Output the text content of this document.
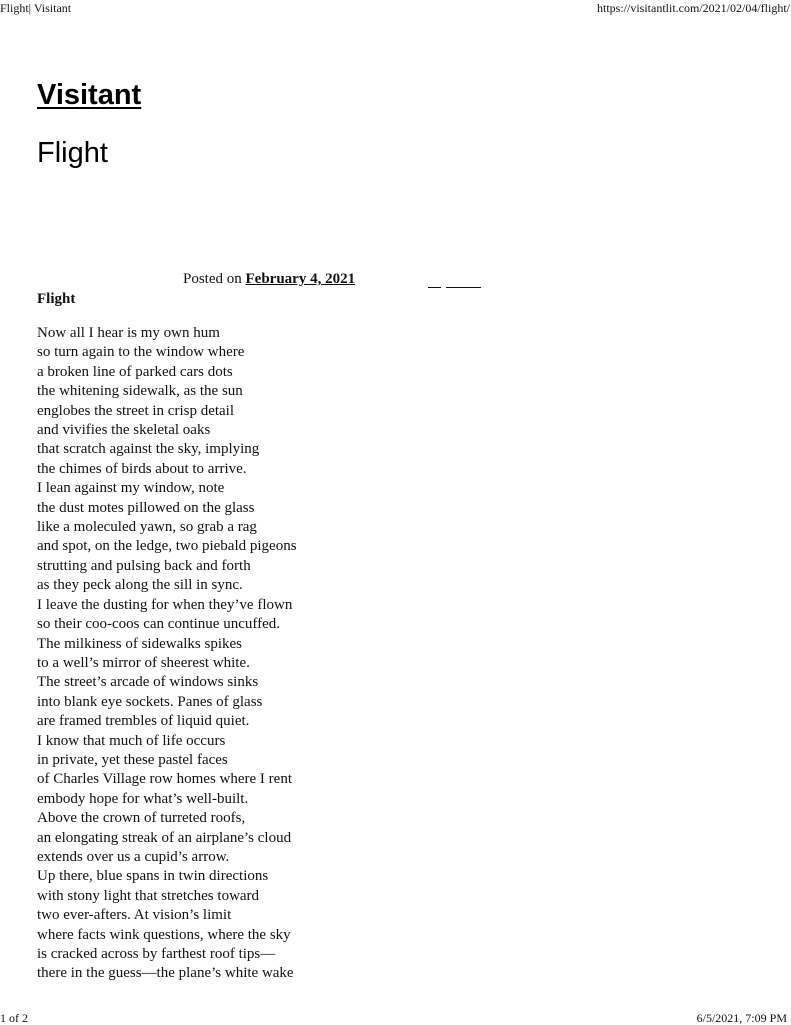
Flight| Visitant	https://visitantlit.com/2021/02/04/flight/
Visitant
Flight
Posted on February 4, 2021
Flight
Now all I hear is my own hum
so turn again to the window where
a broken line of parked cars dots
the whitening sidewalk, as the sun
englobes the street in crisp detail
and vivifies the skeletal oaks
that scratch against the sky, implying
the chimes of birds about to arrive.
I lean against my window, note
the dust motes pillowed on the glass
like a moleculed yawn, so grab a rag
and spot, on the ledge, two piebald pigeons
strutting and pulsing back and forth
as they peck along the sill in sync.
I leave the dusting for when they’ve flown
so their coo-coos can continue uncuffed.
The milkiness of sidewalks spikes
to a well’s mirror of sheerest white.
The street’s arcade of windows sinks
into blank eye sockets. Panes of glass
are framed trembles of liquid quiet.
I know that much of life occurs
in private, yet these pastel faces
of Charles Village row homes where I rent
embody hope for what’s well-built.
Above the crown of turreted roofs,
an elongating streak of an airplane’s cloud
extends over us a cupid’s arrow.
Up there, blue spans in twin directions
with stony light that stretches toward
two ever-afters. At vision’s limit
where facts wink questions, where the sky
is cracked across by farthest roof tips—
there in the guess—the plane’s white wake
1 of 2	6/5/2021, 7:09 PM
